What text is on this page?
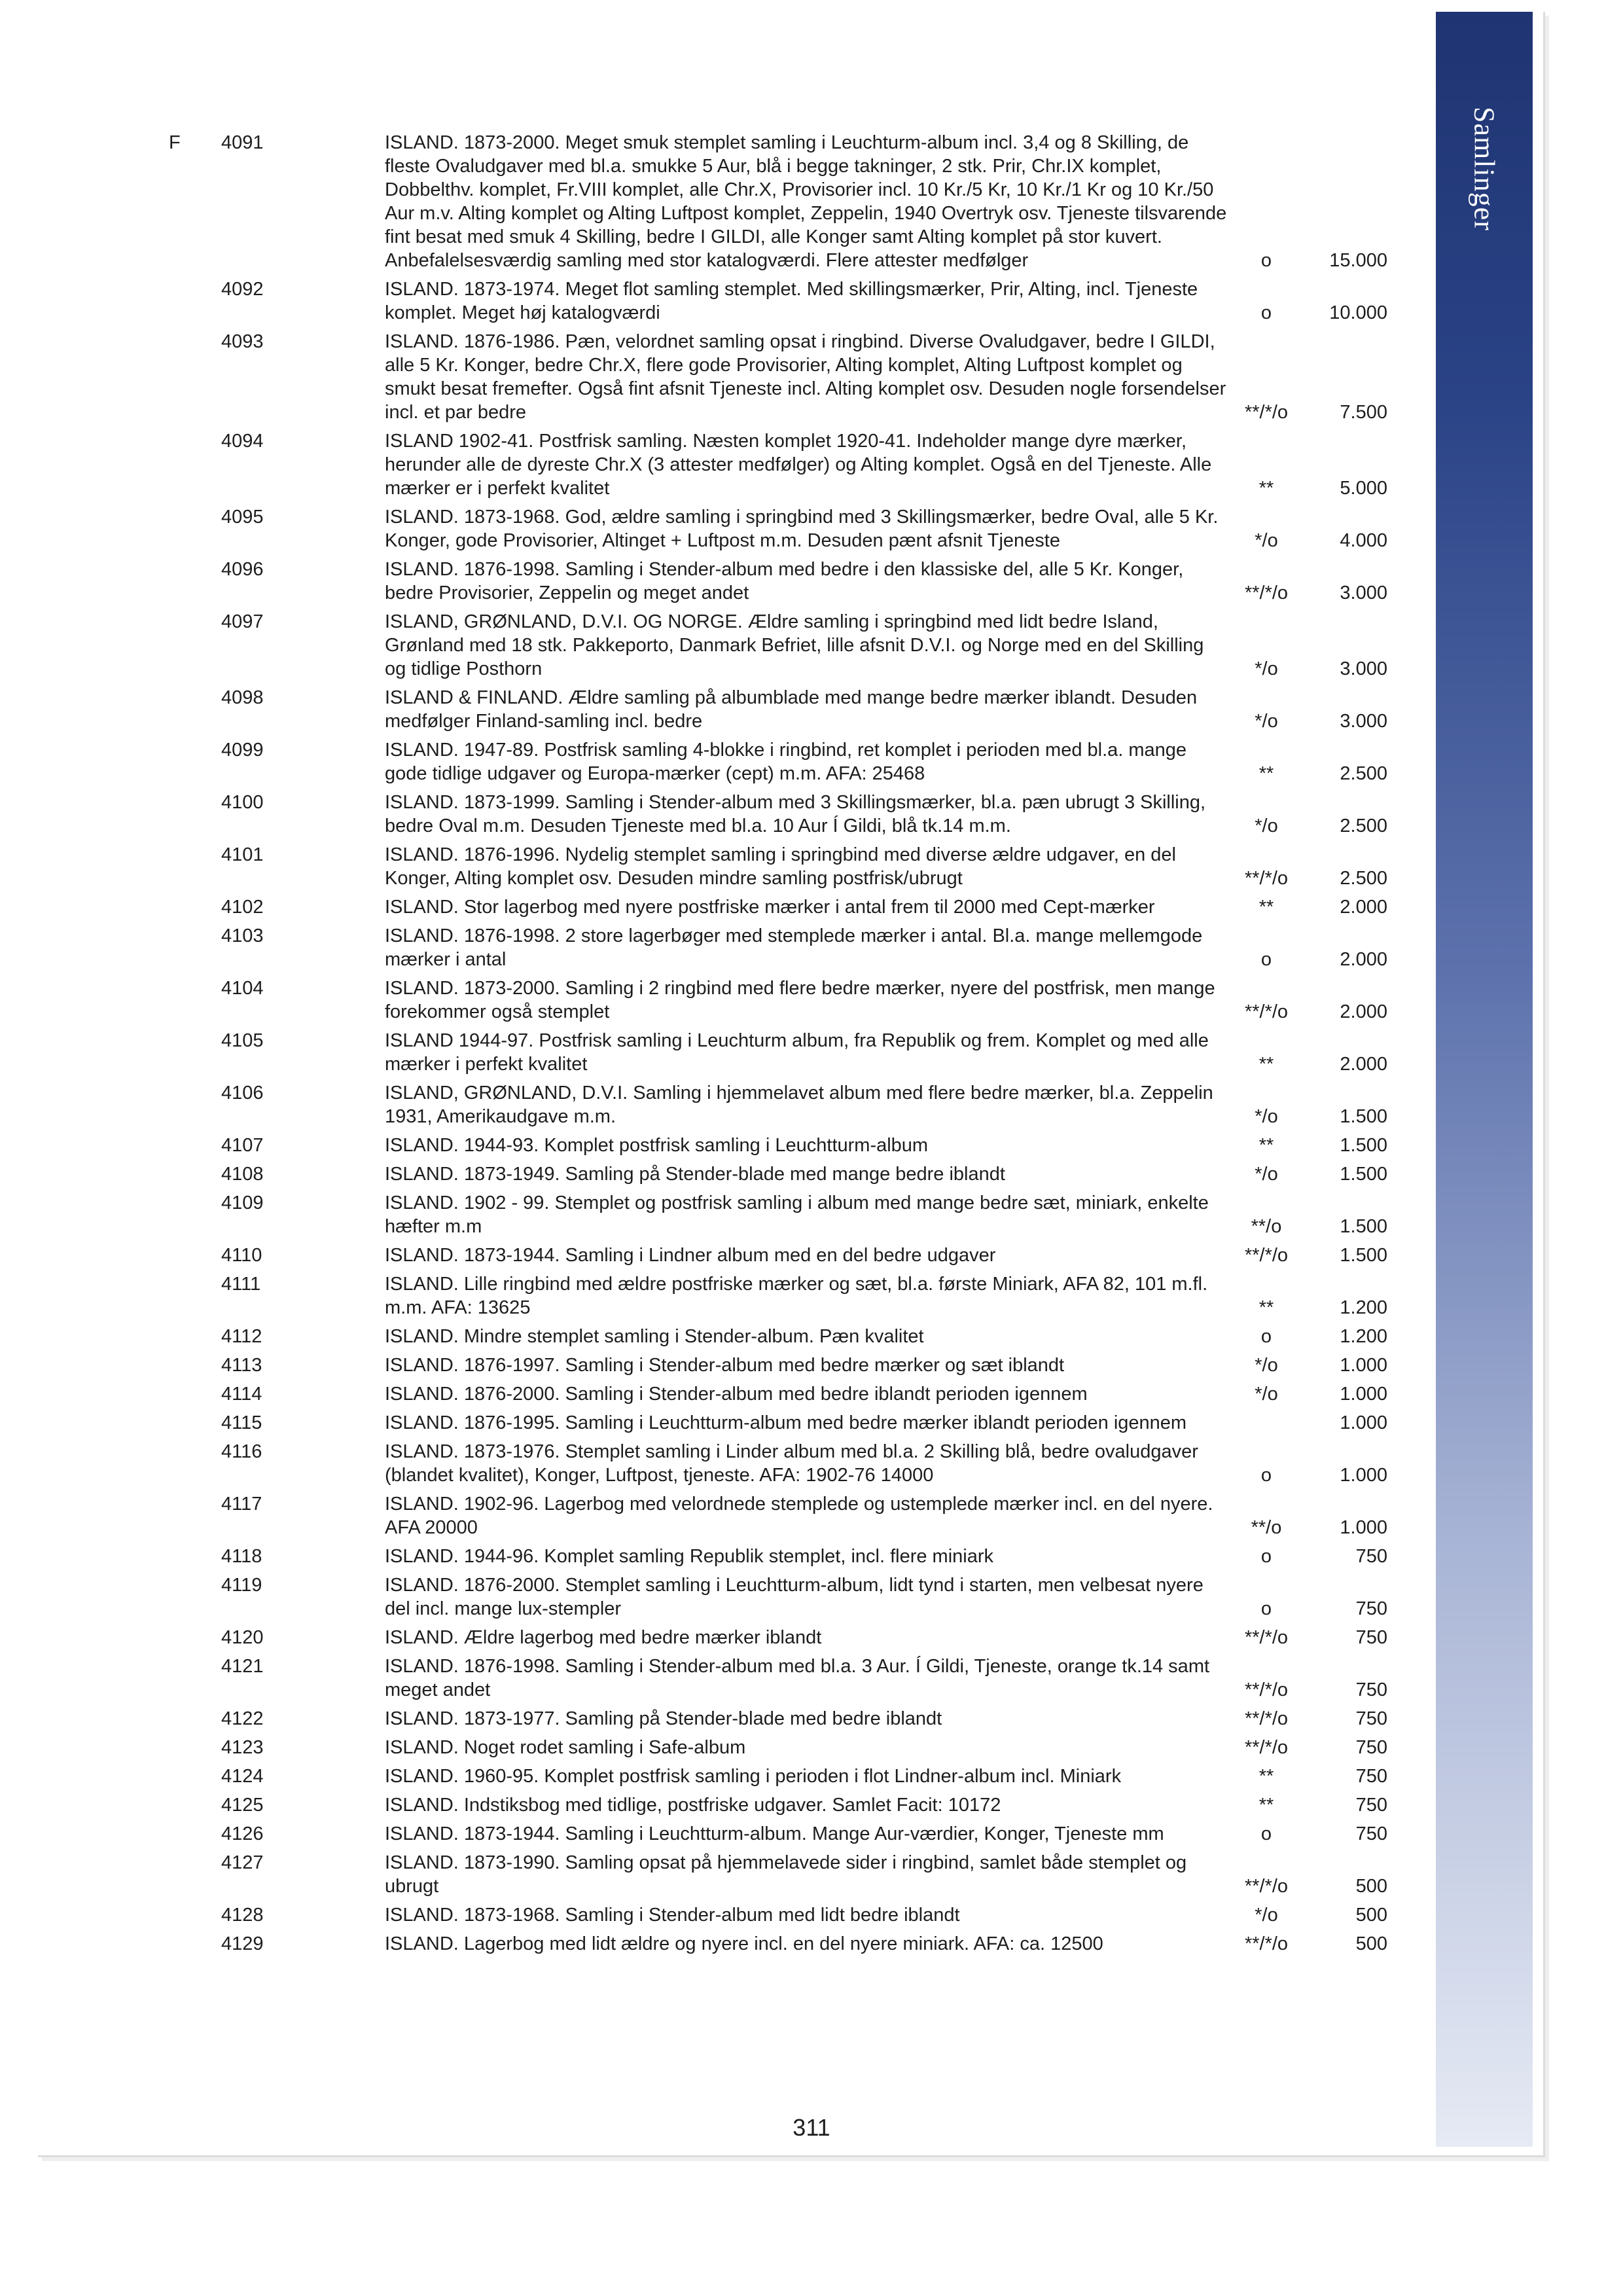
Samlinger
F 4091	ISLAND. 1873-2000. Meget smuk stemplet samling i Leuchturm-album incl. 3,4 og 8 Skilling, de fleste Ovaludgaver med bl.a. smukke 5 Aur, blå i begge takninger, 2 stk. Prir, Chr.IX komplet, Dobbelthv. komplet, Fr.VIII komplet, alle Chr.X, Provisorier incl. 10 Kr./5 Kr, 10 Kr./1 Kr og 10 Kr./50 Aur m.v. Alting komplet og Alting Luftpost komplet, Zeppelin, 1940 Overtryk osv. Tjeneste tilsvarende fint besat med smuk 4 Skilling, bedre I GILDI, alle Konger samt Alting komplet på stor kuvert. Anbefalelsesværdig samling med stor katalogværdi. Flere attester medfølger	o	15.000
4092	ISLAND. 1873-1974. Meget flot samling stemplet. Med skillingsmærker, Prir, Alting, incl. Tjeneste komplet. Meget høj katalogværdi	o	10.000
4093	ISLAND. 1876-1986. Pæn, velordnet samling opsat i ringbind. Diverse Ovaludgaver, bedre I GILDI, alle 5 Kr. Konger, bedre Chr.X, flere gode Provisorier, Alting komplet, Alting Luftpost komplet og smukt besat fremefter. Også fint afsnit Tjeneste incl. Alting komplet osv. Desuden nogle forsendelser incl. et par bedre	**/*/o	7.500
4094	ISLAND 1902-41. Postfrisk samling. Næsten komplet 1920-41. Indeholder mange dyre mærker, herunder alle de dyreste Chr.X (3 attester medfølger) og Alting komplet. Også en del Tjeneste. Alle mærker er i perfekt kvalitet	**	5.000
4095	ISLAND. 1873-1968. God, ældre samling i springbind med 3 Skillingsmærker, bedre Oval, alle 5 Kr. Konger, gode Provisorier, Altinget + Luftpost m.m. Desuden pænt afsnit Tjeneste	*/o	4.000
4096	ISLAND. 1876-1998. Samling i Stender-album med bedre i den klassiske del, alle 5 Kr. Konger, bedre Provisorier, Zeppelin og meget andet	**/*/o	3.000
4097	ISLAND, GRØNLAND, D.V.I. OG NORGE. Ældre samling i springbind med lidt bedre Island, Grønland med 18 stk. Pakkeporto, Danmark Befriet, lille afsnit D.V.I. og Norge med en del Skilling og tidlige Posthorn	*/o	3.000
4098	ISLAND & FINLAND. Ældre samling på albumblade med mange bedre mærker iblandt. Desuden medfølger Finland-samling incl. bedre	*/o	3.000
4099	ISLAND. 1947-89. Postfrisk samling 4-blokke i ringbind, ret komplet i perioden med bl.a. mange gode tidlige udgaver og Europa-mærker (cept) m.m. AFA: 25468	**	2.500
4100	ISLAND. 1873-1999. Samling i Stender-album med 3 Skillingsmærker, bl.a. pæn ubrugt 3 Skilling, bedre Oval m.m. Desuden Tjeneste med bl.a. 10 Aur Í Gildi, blå tk.14 m.m.	*/o	2.500
4101	ISLAND. 1876-1996. Nydelig stemplet samling i springbind med diverse ældre udgaver, en del Konger, Alting komplet osv. Desuden mindre samling postfrisk/ubrugt	**/*/o	2.500
4102	ISLAND. Stor lagerbog med nyere postfriske mærker i antal frem til 2000 med Cept-mærker	**	2.000
4103	ISLAND. 1876-1998. 2 store lagerbøger med stemplede mærker i antal. Bl.a. mange mellemgode mærker i antal	o	2.000
4104	ISLAND. 1873-2000. Samling i 2 ringbind med flere bedre mærker, nyere del postfrisk, men mange forekommer også stemplet	**/*/o	2.000
4105	ISLAND 1944-97. Postfrisk samling i Leuchturm album, fra Republik og frem. Komplet og med alle mærker i perfekt kvalitet	**	2.000
4106	ISLAND, GRØNLAND, D.V.I. Samling i hjemmelavet album med flere bedre mærker, bl.a. Zeppelin 1931, Amerikaudgave m.m.	*/o	1.500
4107	ISLAND. 1944-93. Komplet postfrisk samling i Leuchtturm-album	**	1.500
4108	ISLAND. 1873-1949. Samling på Stender-blade med mange bedre iblandt	*/o	1.500
4109	ISLAND. 1902 - 99. Stemplet og postfrisk samling i album med mange bedre sæt, miniark, enkelte hæfter m.m	**/o	1.500
4110	ISLAND. 1873-1944. Samling i Lindner album med en del bedre udgaver	**/*/o	1.500
4111	ISLAND. Lille ringbind med ældre postfriske mærker og sæt, bl.a. første Miniark, AFA 82, 101 m.fl. m.m. AFA: 13625	**	1.200
4112	ISLAND. Mindre stemplet samling i Stender-album. Pæn kvalitet	o	1.200
4113	ISLAND. 1876-1997. Samling i Stender-album med bedre mærker og sæt iblandt	*/o	1.000
4114	ISLAND. 1876-2000. Samling i Stender-album med bedre iblandt perioden igennem	*/o	1.000
4115	ISLAND. 1876-1995. Samling i Leuchtturm-album med bedre mærker iblandt perioden igennem	1.000
4116	ISLAND. 1873-1976. Stemplet samling i Linder album med bl.a. 2 Skilling blå, bedre ovaludgaver (blandet kvalitet), Konger, Luftpost, tjeneste. AFA: 1902-76 14000	o	1.000
4117	ISLAND. 1902-96. Lagerbog med velordnede stemplede og ustemplede mærker incl. en del nyere. AFA 20000	**/o	1.000
4118	ISLAND. 1944-96. Komplet samling Republik stemplet, incl. flere miniark	o	750
4119	ISLAND. 1876-2000. Stemplet samling i Leuchtturm-album, lidt tynd i starten, men velbesat nyere del incl. mange lux-stempler	o	750
4120	ISLAND. Ældre lagerbog med bedre mærker iblandt	**/*/o	750
4121	ISLAND. 1876-1998. Samling i Stender-album med bl.a. 3 Aur. Í Gildi, Tjeneste, orange tk.14 samt meget andet	**/*/o	750
4122	ISLAND. 1873-1977. Samling på Stender-blade med bedre iblandt	**/*/o	750
4123	ISLAND. Noget rodet samling i Safe-album	**/*/o	750
4124	ISLAND. 1960-95. Komplet postfrisk samling i perioden i flot Lindner-album incl. Miniark	**	750
4125	ISLAND. Indstiksbog med tidlige, postfriske udgaver. Samlet Facit: 10172	**	750
4126	ISLAND. 1873-1944. Samling i Leuchtturm-album. Mange Aur-værdier, Konger, Tjeneste mm	o	750
4127	ISLAND. 1873-1990. Samling opsat på hjemmelavede sider i ringbind, samlet både stemplet og ubrugt	**/*/o	500
4128	ISLAND. 1873-1968. Samling i Stender-album med lidt bedre iblandt	*/o	500
4129	ISLAND. Lagerbog med lidt ældre og nyere incl. en del nyere miniark. AFA: ca. 12500	**/*/o	500
311
